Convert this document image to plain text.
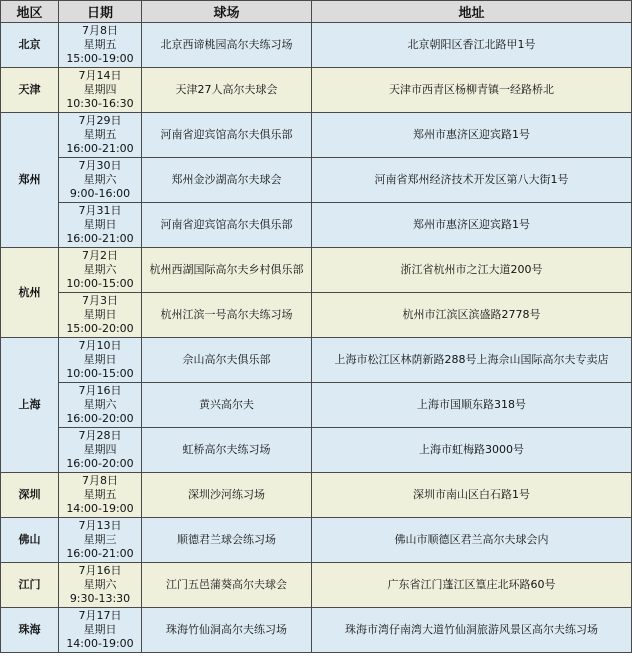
地区	日期	球场	地址
北京	7月8日
星期五
15:00-19:00	北京西谛桃园高尔夫练习场	北京朝阳区香江北路甲1号
天津	7月14日
星期四
10:30-16:30	天津27人高尔夫球会	天津市西青区杨柳青镇一经路桥北
郑州	7月29日
星期五
16:00-21:00	河南省迎宾馆高尔夫俱乐部	郑州市惠济区迎宾路1号

	7月30日
星期六
9:00-16:00	郑州金沙湖高尔夫球会	河南省郑州经济技术开发区第八大街1号

	7月31日
星期日
16:00-21:00	河南省迎宾馆高尔夫俱乐部	郑州市惠济区迎宾路1号
杭州	7月2日
星期六
10:00-15:00	杭州西湖国际高尔夫乡村俱乐部	浙江省杭州市之江大道200号

	7月3日
星期日
15:00-20:00	杭州江滨一号高尔夫练习场	杭州市江滨区滨盛路2778号
上海	7月10日
星期日
10:00-15:00	佘山高尔夫俱乐部	上海市松江区林荫新路288号上海佘山国际高尔夫专卖店

	7月16日
星期六
16:00-20:00	黄兴高尔夫	上海市国顺东路318号

	7月28日
星期四
16:00-20:00	虹桥高尔夫练习场	上海市虹梅路3000号
深圳	7月8日
星期五
14:00-19:00	深圳沙河练习场	深圳市南山区白石路1号
佛山	7月13日
星期三
16:00-21:00	顺德君兰球会练习场	佛山市顺德区君兰高尔夫球会内
江门	7月16日
星期六
9:30-13:30	江门五邑蒲葵高尔夫球会	广东省江门蓬江区篁庄北环路60号
珠海	7月17日
星期日
14:00-19:00	珠海竹仙洞高尔夫练习场	珠海市湾仔南湾大道竹仙洞旅游风景区高尔夫练习场
